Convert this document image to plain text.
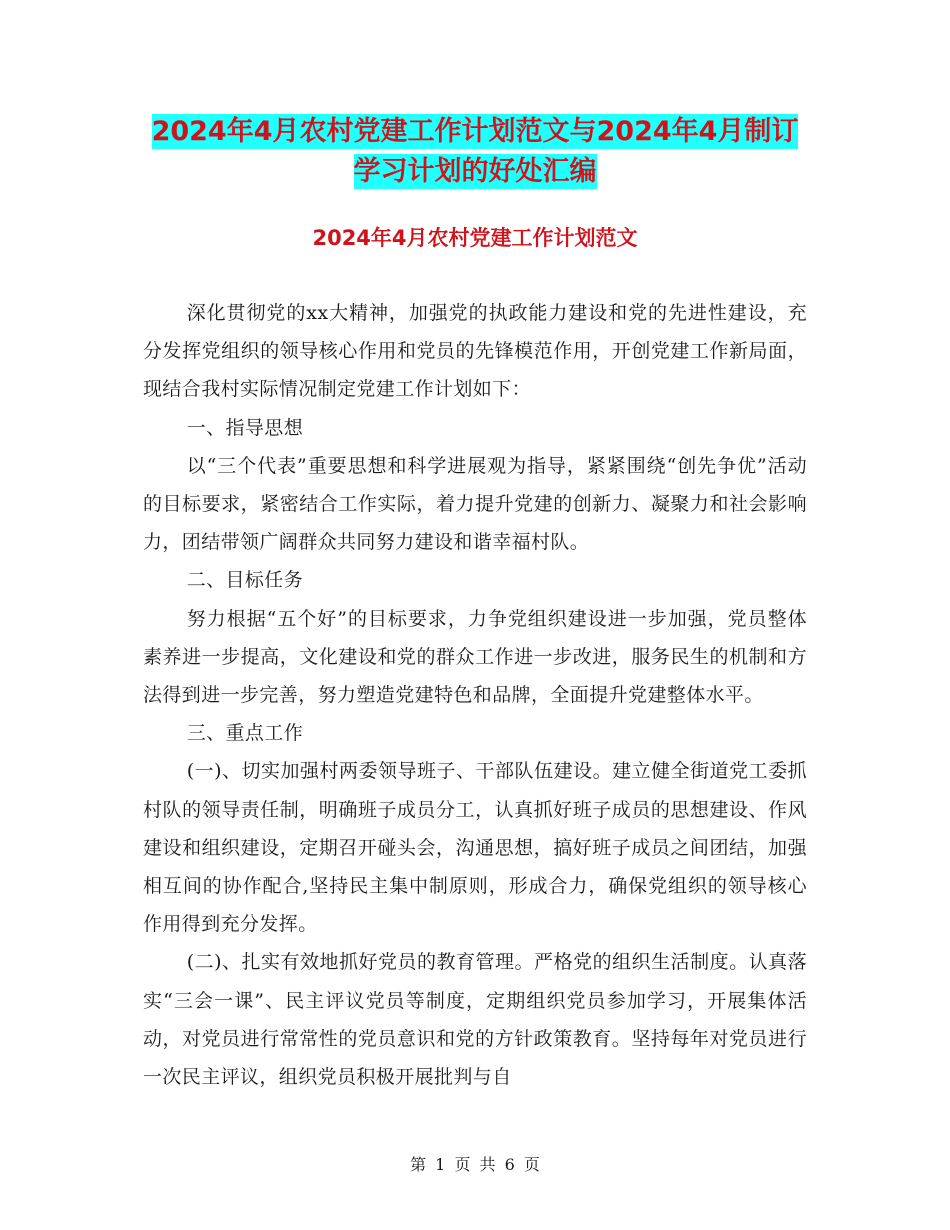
2024年4月农村党建工作计划范文与2024年4月制订
学习计划的好处汇编
2024年4月农村党建工作计划范文

深化贯彻党的xx大精神，加强党的执政能力建设和党的先进性建设，充分发挥党组织的领导核心作用和党员的先锋模范作用，开创党建工作新局面，现结合我村实际情况制定党建工作计划如下：

一、指导思想

以“三个代表”重要思想和科学进展观为指导，紧紧围绕“创先争优”活动的目标要求，紧密结合工作实际，着力提升党建的创新力、凝聚力和社会影响力，团结带领广阔群众共同努力建设和谐幸福村队。

二、目标任务

努力根据“五个好”的目标要求，力争党组织建设进一步加强，党员整体素养进一步提高，文化建设和党的群众工作进一步改进，服务民生的机制和方法得到进一步完善，努力塑造党建特色和品牌，全面提升党建整体水平。

三、重点工作

(一)、切实加强村两委领导班子、干部队伍建设。建立健全街道党工委抓村队的领导责任制，明确班子成员分工，认真抓好班子成员的思想建设、作风建设和组织建设，定期召开碰头会，沟通思想，搞好班子成员之间团结，加强相互间的协作配合,坚持民主集中制原则，形成合力，确保党组织的领导核心作用得到充分发挥。

(二)、扎实有效地抓好党员的教育管理。严格党的组织生活制度。认真落实“三会一课”、民主评议党员等制度，定期组织党员参加学习，开展集体活动，对党员进行常常性的党员意识和党的方针政策教育。坚持每年对党员进行一次民主评议，组织党员积极开展批判与自

第 1 页 共 6 页
